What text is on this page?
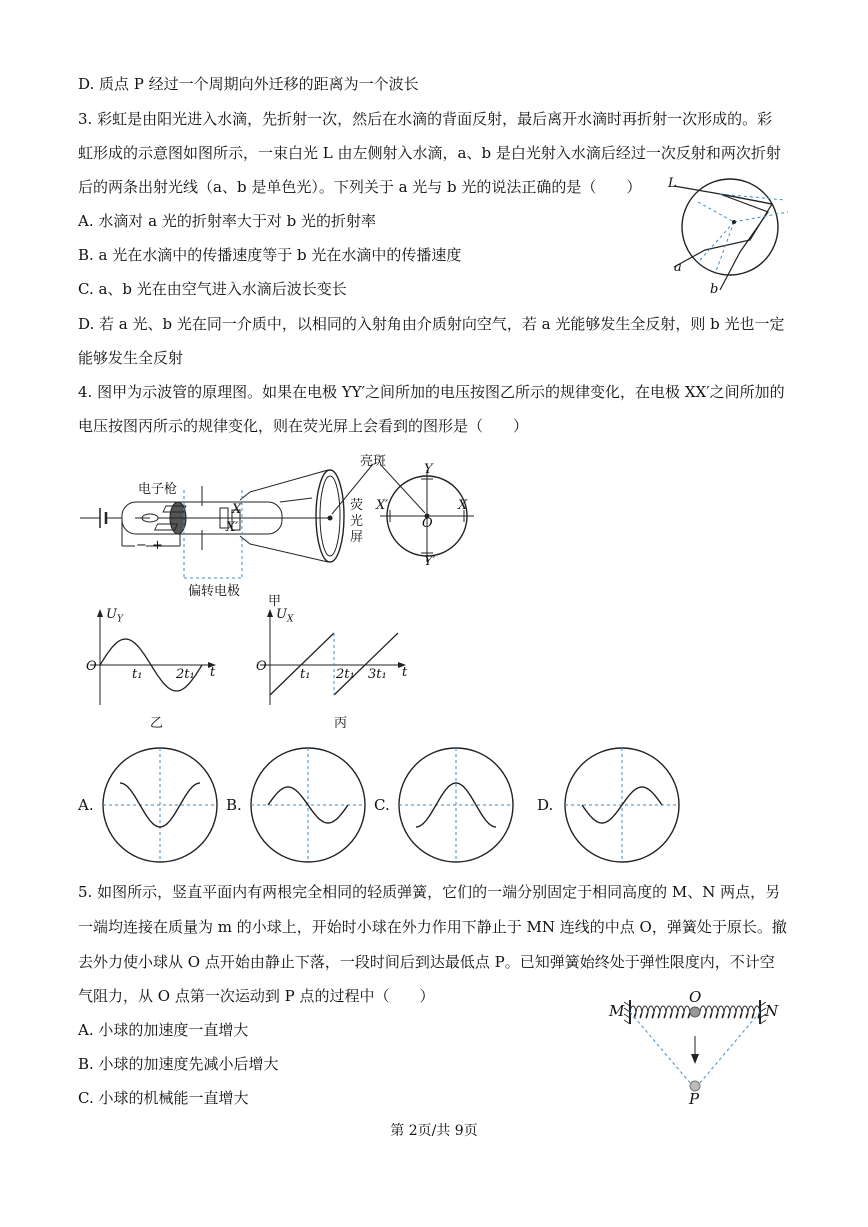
D. 质点 P 经过一个周期向外迁移的距离为一个波长
3. 彩虹是由阳光进入水滴，先折射一次，然后在水滴的背面反射，最后离开水滴时再折射一次形成的。彩
虹形成的示意图如图所示，一束白光 L 由左侧射入水滴，a、b 是白光射入水滴后经过一次反射和两次折射
后的两条出射光线（a、b 是单色光）。下列关于 a 光与 b 光的说法正确的是（　　）
A. 水滴对 a 光的折射率大于对 b 光的折射率
B. a 光在水滴中的传播速度等于 b 光在水滴中的传播速度
C. a、b 光在由空气进入水滴后波长变长
D. 若 a 光、b 光在同一介质中，以相同的入射角由介质射向空气，若 a 光能够发生全反射，则 b 光也一定
能够发生全反射
4. 图甲为示波管的原理图。如果在电极 YY′之间所加的电压按图乙所示的规律变化，在电极 XX′之间所加的
电压按图丙所示的规律变化，则在荧光屏上会看到的图形是（　　）
5. 如图所示，竖直平面内有两根完全相同的轻质弹簧，它们的一端分别固定于相同高度的 M、N 两点，另
一端均连接在质量为 m 的小球上，开始时小球在外力作用下静止于 MN 连线的中点 O，弹簧处于原长。撤
去外力使小球从 O 点开始由静止下落，一段时间后到达最低点 P。已知弹簧始终处于弹性限度内，不计空
气阻力，从 O 点第一次运动到 P 点的过程中（　　）
A. 小球的加速度一直增大
B. 小球的加速度先减小后增大
C. 小球的机械能一直增大
L
a
b
电子枪
亮斑
荧
光
屏
偏转电极
Y
Y′
X
X′
O
X
X′
− +
甲
$U_Y$
O
t₁	2t₁ t
乙
$U_X$
O
t₁ 2t₁ 3t₁ t
丙
A.	B.	C.	D.
M	N
O
P
第 2页/共 9页
